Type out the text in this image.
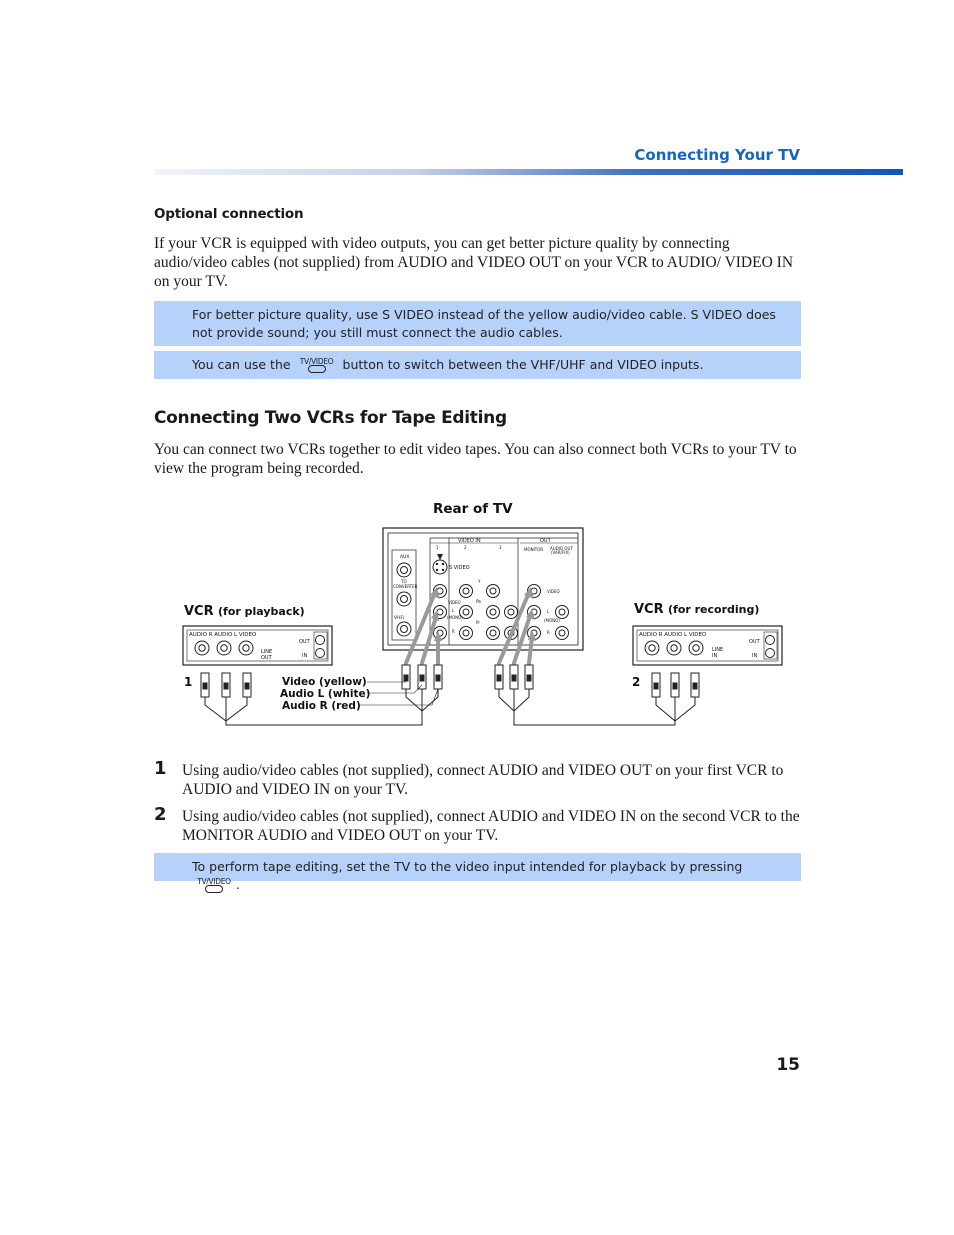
Connecting Your TV
Optional connection
If your VCR is equipped with video outputs, you can get better picture quality by connecting audio/video cables (not supplied) from AUDIO and VIDEO OUT on your VCR to AUDIO/ VIDEO IN on your TV.
For better picture quality, use S VIDEO instead of the yellow audio/video cable. S VIDEO does not provide sound; you still must connect the audio cables.
You can use the TV/VIDEO button to switch between the VHF/UHF and VIDEO inputs.
Connecting Two VCRs for Tape Editing
You can connect two VCRs together to edit video tapes. You can also connect both VCRs to your TV to view the program being recorded.
Rear of TV
VIDEO IN	OUT
1	2	3	MONITOR AUDIO OUT
(VAR/FIX)
AUX
TO
CONVERTER
VHF/
S VIDEO
VIDEO
L
(MONO)
R
Y
Pb
Pr
VIDEO
L
(MONO)
R
VCR (for playback)
AUDIO R AUDIO L VIDEO
LINE
OUT
OUT
IN
1
VCR (for recording)
AUDIO R AUDIO L VIDEO
LINE
IN
OUT
IN
2
Video (yellow)
Audio L (white)
Audio R (red)
1 Using audio/video cables (not supplied), connect AUDIO and VIDEO OUT on your first VCR to AUDIO and VIDEO IN on your TV.
2 Using audio/video cables (not supplied), connect AUDIO and VIDEO IN on the second VCR to the MONITOR AUDIO and VIDEO OUT on your TV.
To perform tape editing, set the TV to the video input intended for playback by pressing
TV/VIDEO .
15
